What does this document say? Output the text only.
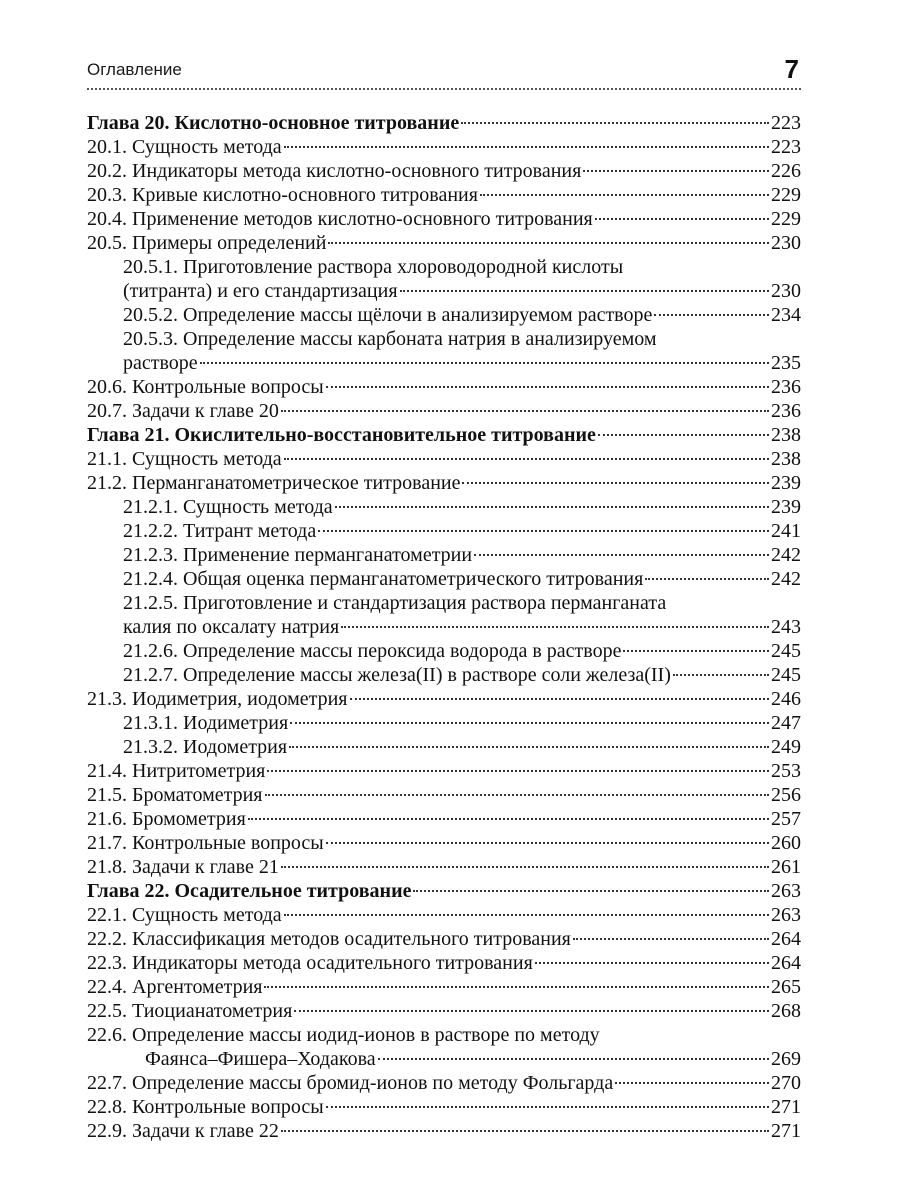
Оглавление	7
Глава 20. Кислотно-основное титрование	223
20.1. Сущность метода	223
20.2. Индикаторы метода кислотно-основного титрования	226
20.3. Кривые кислотно-основного титрования	229
20.4. Применение методов кислотно-основного титрования	229
20.5. Примеры определений	230
20.5.1. Приготовление раствора хлороводородной кислоты
(титранта) и его стандартизация	230
20.5.2. Определение массы щёлочи в анализируемом растворе	234
20.5.3. Определение массы карбоната натрия в анализируемом
растворе	235
20.6. Контрольные вопросы	236
20.7. Задачи к главе 20	236
Глава 21. Окислительно-восстановительное титрование	238
21.1. Сущность метода	238
21.2. Перманганатометрическое титрование	239
21.2.1. Сущность метода	239
21.2.2. Титрант метода	241
21.2.3. Применение перманганатометрии	242
21.2.4. Общая оценка перманганатометрического титрования	242
21.2.5. Приготовление и стандартизация раствора перманганата
калия по оксалату натрия	243
21.2.6. Определение массы пероксида водорода в растворе	245
21.2.7. Определение массы железа(II) в растворе соли железа(II)	245
21.3. Иодиметрия, иодометрия	246
21.3.1. Иодиметрия	247
21.3.2. Иодометрия	249
21.4. Нитритометрия	253
21.5. Броматометрия	256
21.6. Бромометрия	257
21.7. Контрольные вопросы	260
21.8. Задачи к главе 21	261
Глава 22. Осадительное титрование	263
22.1. Сущность метода	263
22.2. Классификация методов осадительного титрования	264
22.3. Индикаторы метода осадительного титрования	264
22.4. Аргентометрия	265
22.5. Тиоцианатометрия	268
22.6. Определение массы иодид-ионов в растворе по методу
Фаянса–Фишера–Ходакова	269
22.7. Определение массы бромид-ионов по методу Фольгарда	270
22.8. Контрольные вопросы	271
22.9. Задачи к главе 22	271
